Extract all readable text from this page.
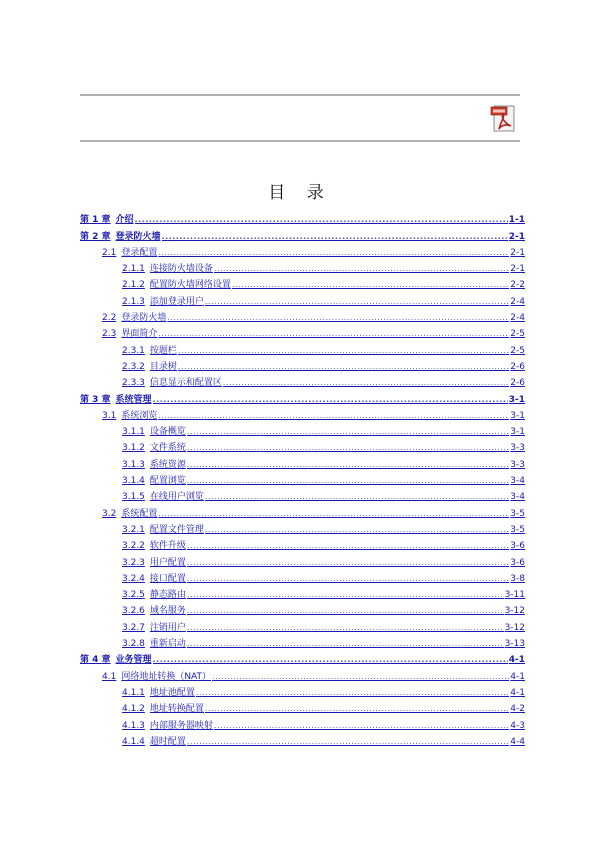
目 录
第 1 章 介绍 .....	1-1
第 2 章 登录防火墙 .....	2-1
2.1 登录配置 .....	2-1
2.1.1 连接防火墙设备 .....	2-1
2.1.2 配置防火墙网络设置 .....	2-2
2.1.3 添加登录用户 .....	2-4
2.2 登录防火墙 .....	2-4
2.3 界面简介 .....	2-5
2.3.1 按题栏 .....	2-5
2.3.2 目录树 .....	2-6
2.3.3 信息显示和配置区 .....	2-6
第 3 章 系统管理 .....	3-1
3.1 系统浏览 .....	3-1
3.1.1 设备概览 .....	3-1
3.1.2 文件系统 .....	3-3
3.1.3 系统资源 .....	3-3
3.1.4 配置浏览 .....	3-4
3.1.5 在线用户浏览 .....	3-4
3.2 系统配置 .....	3-5
3.2.1 配置文件管理 .....	3-5
3.2.2 软件升级 .....	3-6
3.2.3 用户配置 .....	3-6
3.2.4 接口配置 .....	3-8
3.2.5 静态路由 .....	3-11
3.2.6 域名服务 .....	3-12
3.2.7 注销用户 .....	3-12
3.2.8 重新启动 .....	3-13
第 4 章 业务管理 .....	4-1
4.1 网络地址转换（NAT） .....	4-1
4.1.1 地址池配置 .....	4-1
4.1.2 地址转换配置 .....	4-2
4.1.3 内部服务器映射 .....	4-3
4.1.4 超时配置 .....	4-4
